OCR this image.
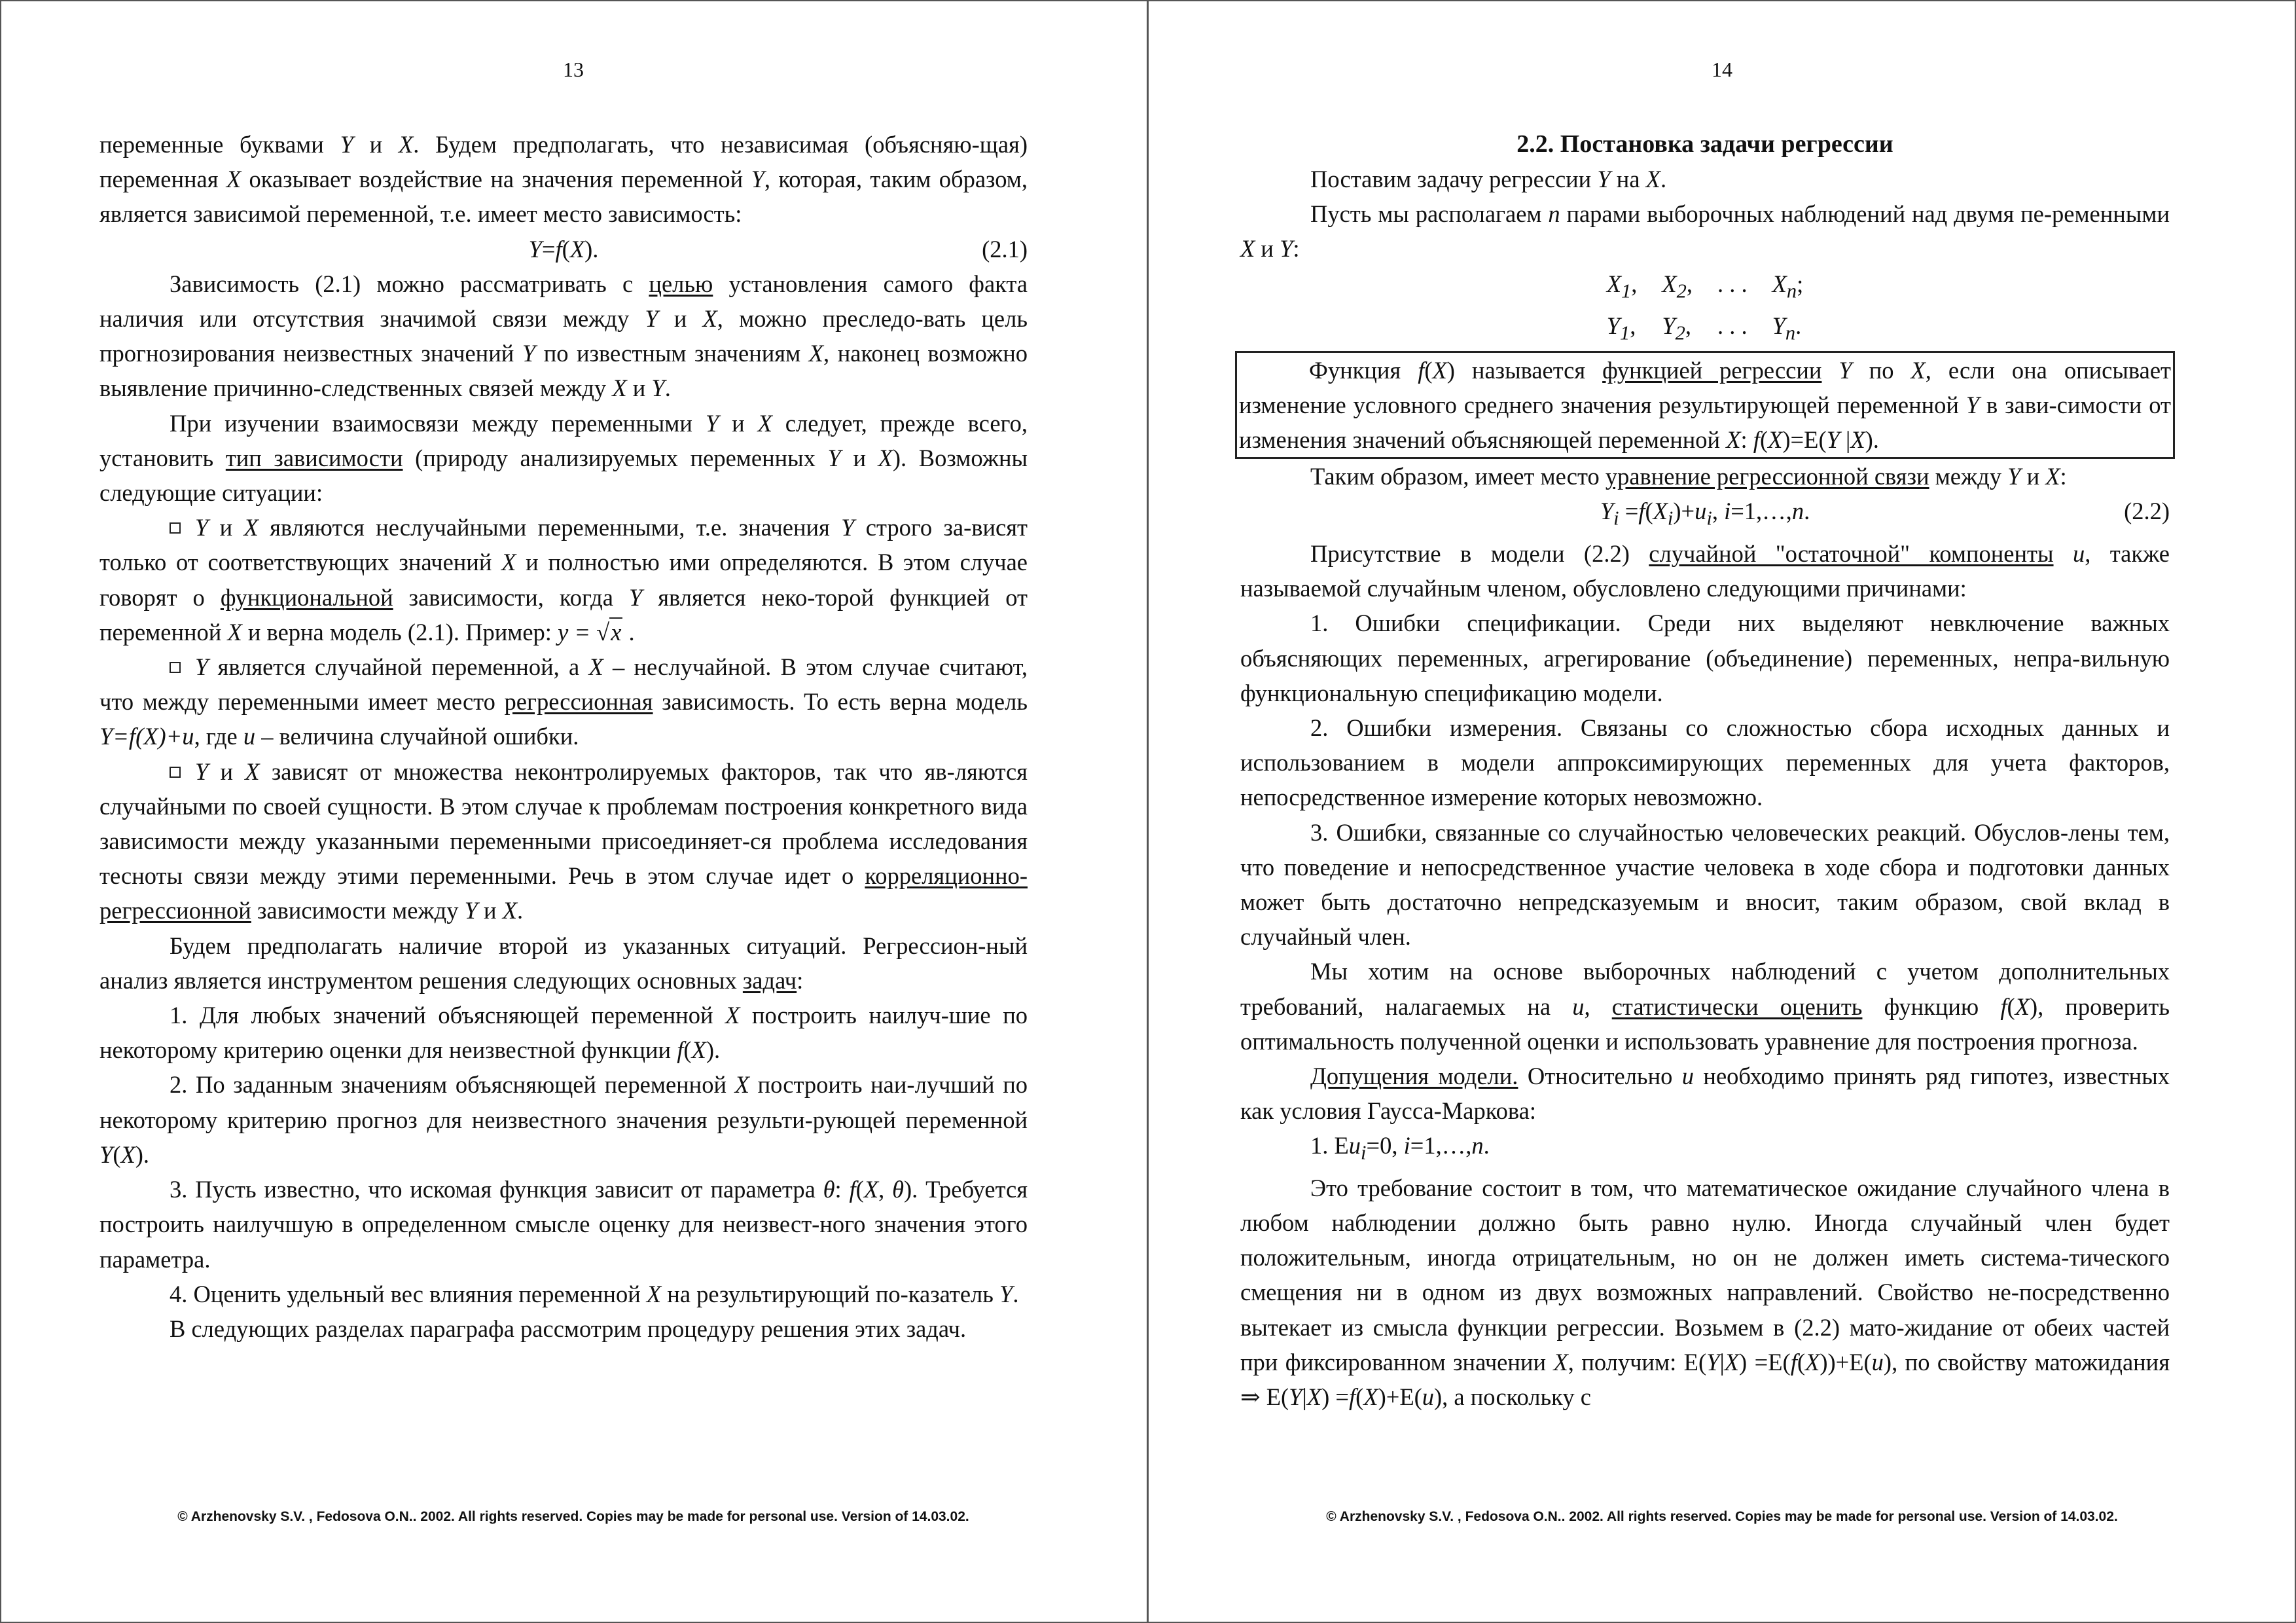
13

переменные буквами Y и X. Будем предполагать, что независимая (объясняю-щая) переменная X оказывает воздействие на значения переменной Y, которая, таким образом, является зависимой переменной, т.е. имеет место зависимость:

Y=f(X).	(2.1)

Зависимость (2.1) можно рассматривать с целью установления самого факта наличия или отсутствия значимой связи между Y и X, можно преследо-вать цель прогнозирования неизвестных значений Y по известным значениям X, наконец возможно выявление причинно-следственных связей между X и Y.

При изучении взаимосвязи между переменными Y и X следует, прежде всего, установить тип зависимости (природу анализируемых переменных Y и X). Возможны следующие ситуации:

Y и X являются неслучайными переменными, т.е. значения Y строго за-висят только от соответствующих значений X и полностью ими определяются. В этом случае говорят о функциональной зависимости, когда Y является неко-торой функцией от переменной X и верна модель (2.1). Пример: y = √x .

Y является случайной переменной, а X – неслучайной. В этом случае считают, что между переменными имеет место регрессионная зависимость. То есть верна модель Y=f(X)+u, где u – величина случайной ошибки.

Y и X зависят от множества неконтролируемых факторов, так что яв-ляются случайными по своей сущности. В этом случае к проблемам построения конкретного вида зависимости между указанными переменными присоединяет-ся проблема исследования тесноты связи между этими переменными. Речь в этом случае идет о корреляционно-регрессионной зависимости между Y и X.

Будем предполагать наличие второй из указанных ситуаций. Регрессион-ный анализ является инструментом решения следующих основных задач:

1. Для любых значений объясняющей переменной X построить наилуч-шие по некоторому критерию оценки для неизвестной функции f(X).

2. По заданным значениям объясняющей переменной X построить наи-лучший по некоторому критерию прогноз для неизвестного значения результи-рующей переменной Y(X).

3. Пусть известно, что искомая функция зависит от параметра θ: f(X, θ). Требуется построить наилучшую в определенном смысле оценку для неизвест-ного значения этого параметра.

4. Оценить удельный вес влияния переменной X на результирующий по-казатель Y.

В следующих разделах параграфа рассмотрим процедуру решения этих задач.

© Arzhenovsky S.V. , Fedosova O.N.. 2002. All rights reserved. Copies may be made for personal use. Version of 14.03.02.
14
2.2. Постановка задачи регрессии

Поставим задачу регрессии Y на X.

Пусть мы располагаем n парами выборочных наблюдений над двумя пе-ременными X и Y:

$X_1$, $X_2$, . . . $X_n$;
$Y_1$, $Y_2$, . . . $Y_n$.

Функция f(X) называется функцией регрессии Y по X, если она описывает изменение условного среднего значения результирующей переменной Y в зави-симости от изменения значений объясняющей переменной X: f(X)=E(Y |X).

Таким образом, имеет место уравнение регрессионной связи между Y и X:

$Y_i =f(X_i)+u_i$, i=1,…,n.	(2.2)

Присутствие в модели (2.2) случайной "остаточной" компоненты u, также называемой случайным членом, обусловлено следующими причинами:

1. Ошибки спецификации. Среди них выделяют невключение важных объясняющих переменных, агрегирование (объединение) переменных, непра-вильную функциональную спецификацию модели.

2. Ошибки измерения. Связаны со сложностью сбора исходных данных и использованием в модели аппроксимирующих переменных для учета факторов, непосредственное измерение которых невозможно.

3. Ошибки, связанные со случайностью человеческих реакций. Обуслов-лены тем, что поведение и непосредственное участие человека в ходе сбора и подготовки данных может быть достаточно непредсказуемым и вносит, таким образом, свой вклад в случайный член.

Мы хотим на основе выборочных наблюдений с учетом дополнительных требований, налагаемых на u, статистически оценить функцию f(X), проверить оптимальность полученной оценки и использовать уравнение для построения прогноза.

Допущения модели. Относительно u необходимо принять ряд гипотез, известных как условия Гаусса-Маркова:

1. $Eu_i=0$, i=1,…,n.

Это требование состоит в том, что математическое ожидание случайного члена в любом наблюдении должно быть равно нулю. Иногда случайный член будет положительным, иногда отрицательным, но он не должен иметь система-тического смещения ни в одном из двух возможных направлений. Свойство не-посредственно вытекает из смысла функции регрессии. Возьмем в (2.2) мато-жидание от обеих частей при фиксированном значении X, получим: E(Y|X) =E(f(X))+E(u), по свойству матожидания ⇒ E(Y|X) =f(X)+E(u), а поскольку с

© Arzhenovsky S.V. , Fedosova O.N.. 2002. All rights reserved. Copies may be made for personal use. Version of 14.03.02.
